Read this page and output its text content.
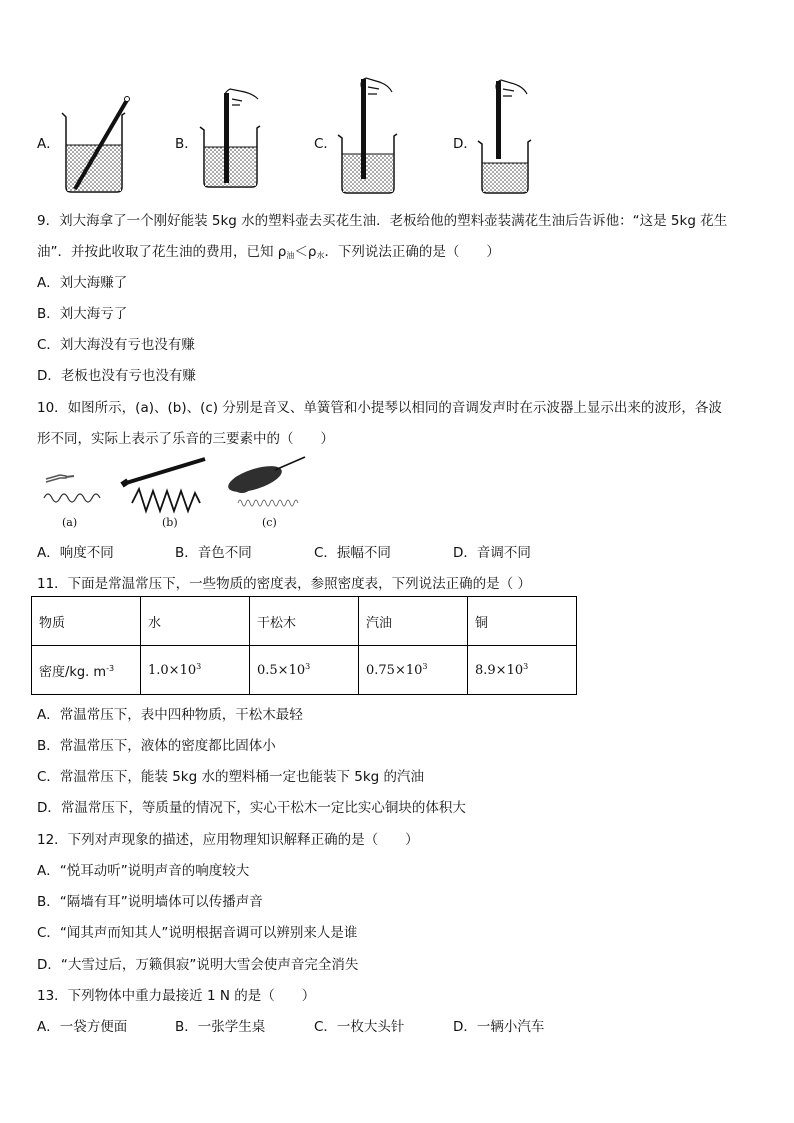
A．	B．	C．	D．
9．刘大海拿了一个刚好能装 5kg 水的塑料壶去买花生油．老板给他的塑料壶装满花生油后告诉他：“这是 5kg 花生
油”．并按此收取了花生油的费用，已知 $\rho_油<\rho_水$．下列说法正确的是（　　）
A．刘大海赚了
B．刘大海亏了
C．刘大海没有亏也没有赚
D．老板也没有亏也没有赚
10．如图所示，(a)、(b)、(c) 分别是音叉、单簧管和小提琴以相同的音调发声时在示波器上显示出来的波形，各波
形不同，实际上表示了乐音的三要素中的（　　）
(a)	(b)	(c)
A．响度不同	B．音色不同	C．振幅不同	D．音调不同
11．下面是常温常压下，一些物质的密度表，参照密度表，下列说法正确的是（ ）
物质	水	干松木	汽油	铜
密度/kg. $m^{-3}$	$1.0\times 10^3$	$0.5\times 10^3$	$0.75\times 10^3$	$8.9\times 10^3$
A．常温常压下，表中四种物质，干松木最轻
B．常温常压下，液体的密度都比固体小
C．常温常压下，能装 5kg 水的塑料桶一定也能装下 5kg 的汽油
D．常温常压下，等质量的情况下，实心干松木一定比实心铜块的体积大
12．下列对声现象的描述，应用物理知识解释正确的是（　　）
A．“悦耳动听”说明声音的响度较大
B．“隔墙有耳”说明墙体可以传播声音
C．“闻其声而知其人”说明根据音调可以辨别来人是谁
D．“大雪过后，万籁俱寂”说明大雪会使声音完全消失
13．下列物体中重力最接近 1 N 的是（　　）
A．一袋方便面	B．一张学生桌	C．一枚大头针	D．一辆小汽车
